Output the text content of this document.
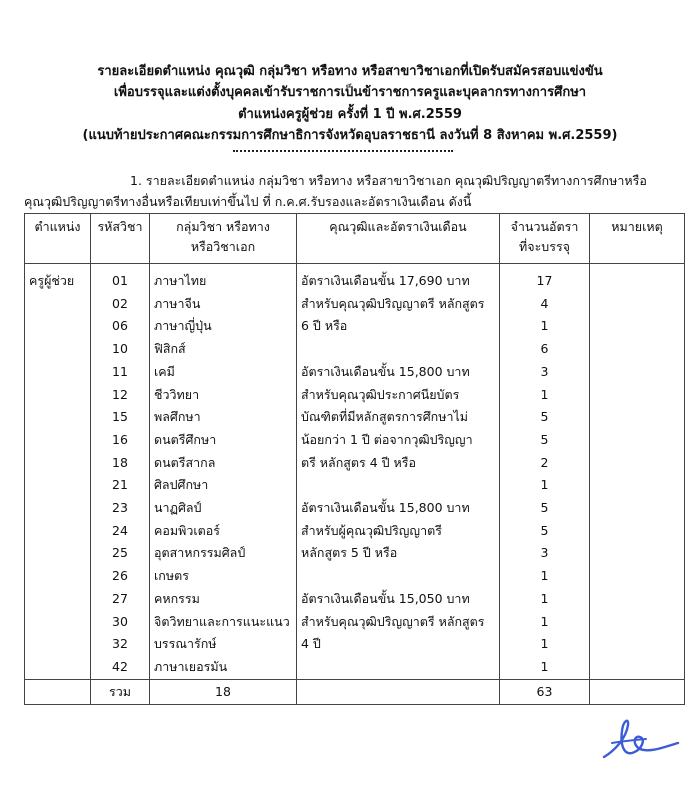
รายละเอียดตำแหน่ง คุณวุฒิ กลุ่มวิชา หรือทาง หรือสาขาวิชาเอกที่เปิดรับสมัครสอบแข่งขัน
เพื่อบรรจุและแต่งตั้งบุคคลเข้ารับราชการเป็นข้าราชการครูและบุคลากรทางการศึกษา
ตำแหน่งครูผู้ช่วย ครั้งที่ 1 ปี พ.ศ.2559
(แนบท้ายประกาศคณะกรรมการศึกษาธิการจังหวัดอุบลราชธานี ลงวันที่ 8 สิงหาคม พ.ศ.2559)
1. รายละเอียดตำแหน่ง กลุ่มวิชา หรือทาง หรือสาขาวิชาเอก คุณวุฒิปริญญาตรีทางการศึกษาหรือ
คุณวุฒิปริญญาตรีทางอื่นหรือเทียบเท่าขึ้นไป ที่ ก.ค.ศ.รับรองและอัตราเงินเดือน ดังนี้
ตำแหน่ง	รหัสวิชา	กลุ่มวิชา หรือทาง
หรือวิชาเอก	คุณวุฒิและอัตราเงินเดือน	จำนวนอัตรา
ที่จะบรรจุ	หมายเหตุ
ครูผู้ช่วย	01	ภาษาไทย	อัตราเงินเดือนขั้น 17,690 บาท	17	
	02	ภาษาจีน	สำหรับคุณวุฒิปริญญาตรี หลักสูตร	4	
	06	ภาษาญี่ปุ่น	6 ปี หรือ	1	
	10	ฟิสิกส์		6	
	11	เคมี	อัตราเงินเดือนขั้น 15,800 บาท	3	
	12	ชีววิทยา	สำหรับคุณวุฒิประกาศนียบัตร	1	
	15	พลศึกษา	บัณฑิตที่มีหลักสูตรการศึกษาไม่	5	
	16	ดนตรีศึกษา	น้อยกว่า 1 ปี ต่อจากวุฒิปริญญา	5	
	18	ดนตรีสากล	ตรี หลักสูตร 4 ปี หรือ	2	
	21	ศิลปศึกษา		1	
	23	นาฏศิลป์	อัตราเงินเดือนขั้น 15,800 บาท	5	
	24	คอมพิวเตอร์	สำหรับผู้คุณวุฒิปริญญาตรี	5	
	25	อุตสาหกรรมศิลป์	หลักสูตร 5 ปี หรือ	3	
	26	เกษตร		1	
	27	คหกรรม	อัตราเงินเดือนขั้น 15,050 บาท	1	
	30	จิตวิทยาและการแนะแนว	สำหรับคุณวุฒิปริญญาตรี หลักสูตร	1	
	32	บรรณารักษ์	4 ปี	1	
	42	ภาษาเยอรมัน		1	
	รวม	18		63	
